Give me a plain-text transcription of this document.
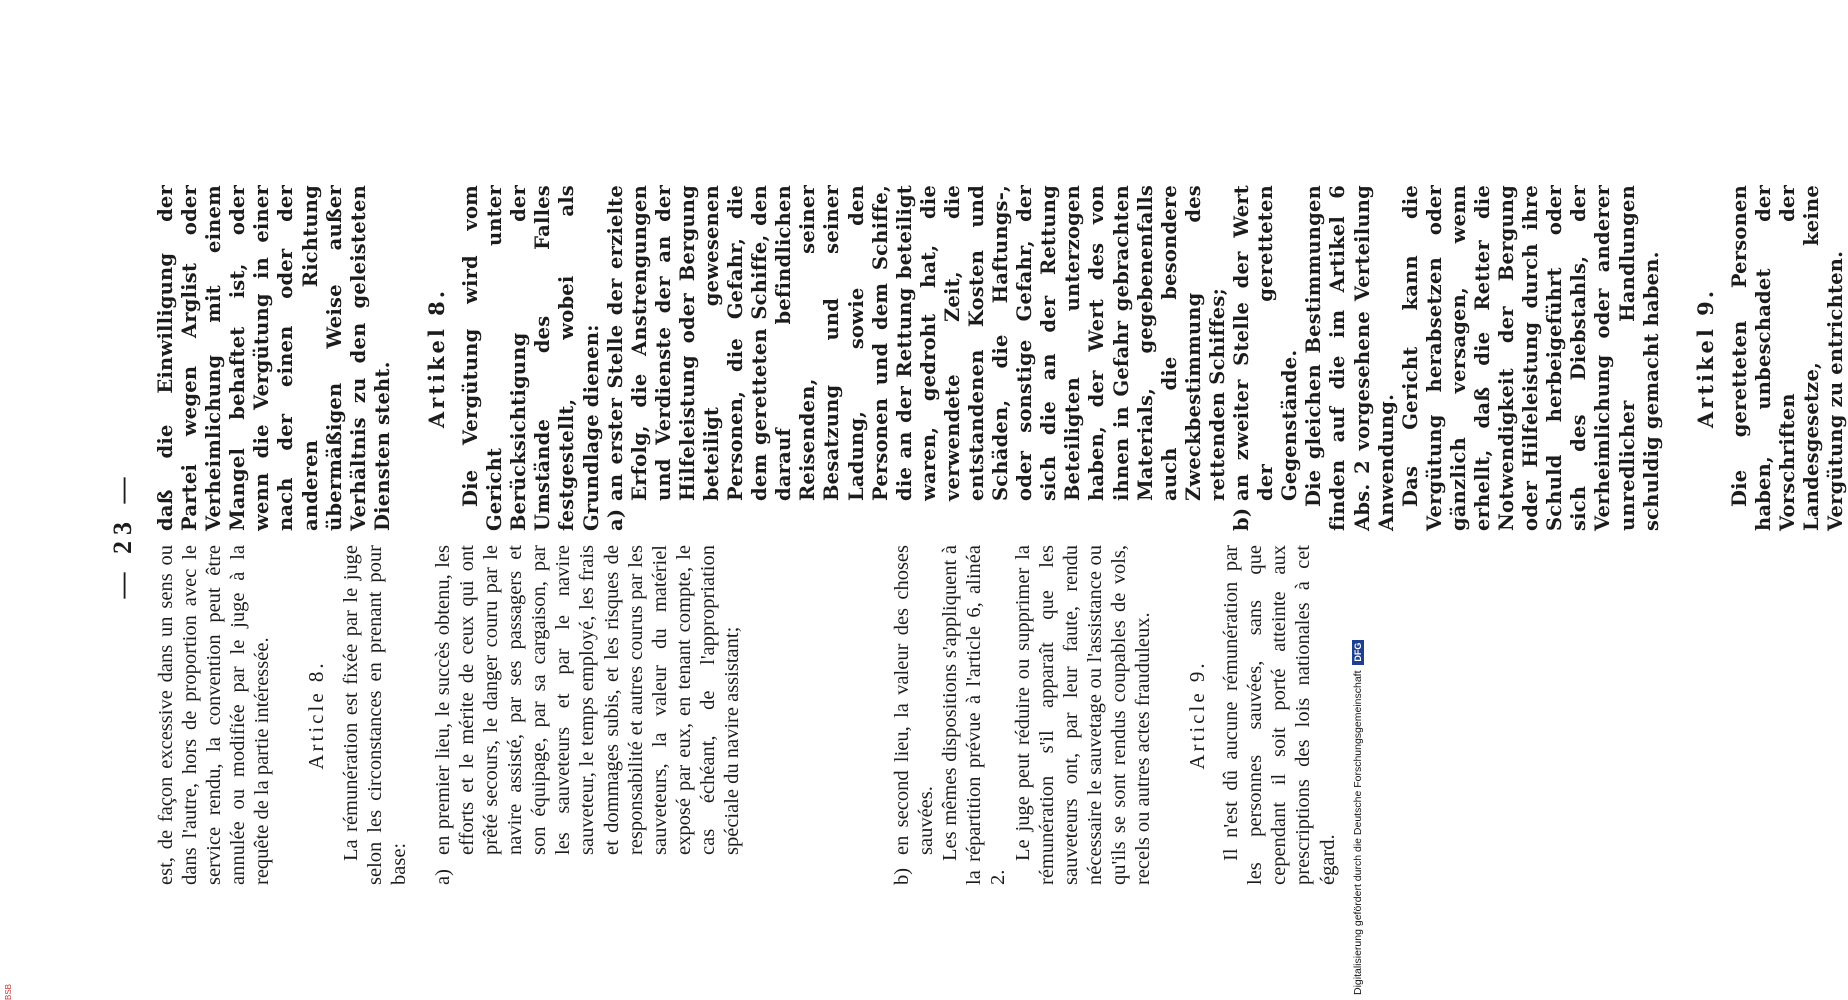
— 23 —

est, de façon excessive dans un sens ou dans l'autre, hors de proportion avec le service rendu, la convention peut être annulée ou modifiée par le juge à la requête de la partie intéressée. Article 8. La rémunération est fixée par le juge selon les circonstances en prenant pour base: a)
en premier lieu, le succès obtenu, les efforts et le mérite de ceux qui ont prêté secours, le danger couru par le navire assisté, par ses passagers et son équipage, par sa cargaison, par les sauveteurs et par le navire sauveteur, le temps employé, les frais et dommages subis, et les risques de responsabilité et autres courus par les sauveteurs, la valeur du matériel exposé par eux, en tenant compte, le cas échéant, de l'appropriation spéciale du navire assistant;
b)
en second lieu, la valeur des choses sauvées. Les mêmes dispositions s'appliquent à la répartition prévue à l'article 6, alinéa 2.

Le juge peut réduire ou supprimer la rémunération s'il apparaît que les sauveteurs ont, par leur faute, rendu nécessaire le sauvetage ou l'assistance ou qu'ils se sont rendus coupables de vols, recels ou autres actes frauduleux. Article 9. Il n'est dû aucune rémunération par les personnes sauvées, sans que cependant il soit porté atteinte aux prescriptions des lois nationales à cet égard.

daß die Einwilligung der Partei wegen Arglist oder Verheimlichung mit einem Mangel behaftet ist, oder wenn die Vergütung in einer nach der einen oder der anderen Richtung übermäßigen Weise außer Verhältnis zu den geleisteten Diensten steht.

Artikel 8. Die Vergütung wird vom Gericht unter Berücksichtigung der Umstände des Falles festgestellt, wobei als Grundlage dienen: a)
an erster Stelle der erzielte Erfolg, die Anstrengungen und Verdienste der an der Hilfeleistung oder Bergung beteiligt gewesenen Personen, die Gefahr, die dem geretteten Schiffe, den darauf befindlichen Reisenden, seiner Besatzung und seiner Ladung, sowie den Personen und dem Schiffe, die an der Rettung beteiligt waren, gedroht hat, die verwendete Zeit, die entstandenen Kosten und Schäden, die Haftungs-, oder sonstige Gefahr, der sich die an der Rettung Beteiligten unterzogen haben, der Wert des von ihnen in Gefahr gebrachten Materials, gegebenenfalls auch die besondere Zweckbestimmung des rettenden Schiffes;
b)
an zweiter Stelle der Wert der geretteten Gegenstände. Die gleichen Bestimmungen finden auf die im Artikel 6 Abs. 2 vorgesehene Verteilung Anwendung. Das Gericht kann die Vergütung herabsetzen oder gänzlich versagen, wenn erhellt, daß die Retter die Notwendigkeit der Bergung oder Hilfeleistung durch ihre Schuld herbeigeführt oder sich des Diebstahls, der Verheimlichung oder anderer unredlicher Handlungen schuldig gemacht haben. Artikel 9. Die geretteten Personen haben, unbeschadet der Vorschriften der Landesgesetze, keine Vergütung zu entrichten.

Digitalisierung gefördert durch die Deutsche Forschungsgemeinschaft DFG
BSB
